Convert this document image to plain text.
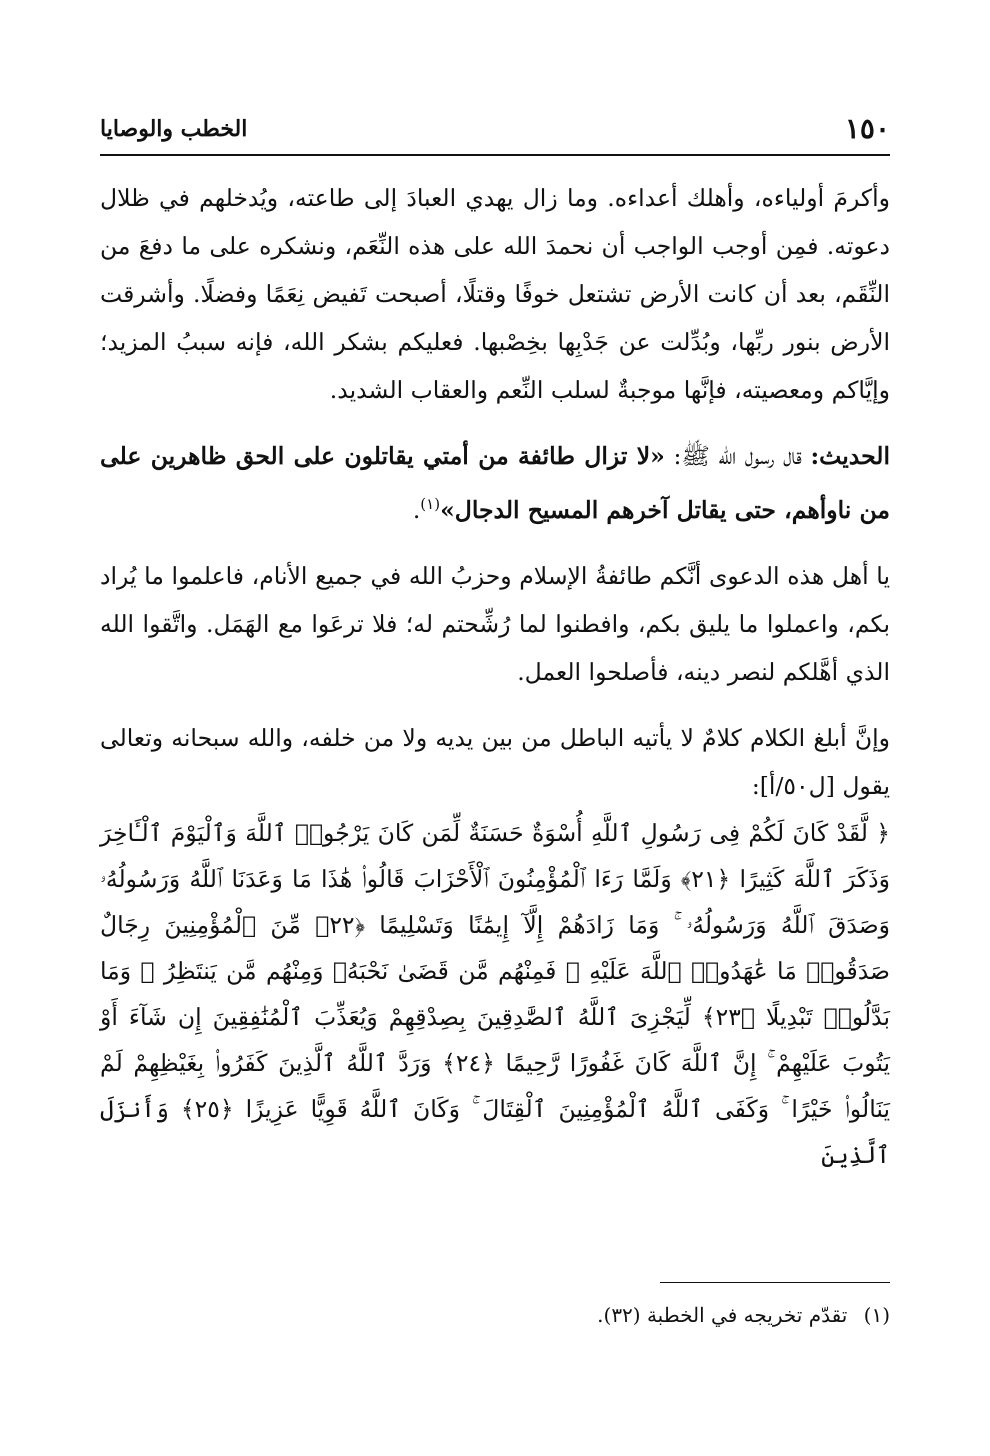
١٥٠
الخطب والوصايا

وأكرمَ أولياءه، وأهلك أعداءه. وما زال يهدي العبادَ إلى طاعته، ويُدخلهم في ظلال دعوته. فمِن أوجب الواجب أن نحمدَ الله على هذه النِّعَم، ونشكره على ما دفعَ من النِّقَم، بعد أن كانت الأرض تشتعل خوفًا وقتلًا، أصبحت تَفيض نِعَمًا وفضلًا. وأشرقت الأرض بنور ربِّها، وبُدِّلت عن جَدْبِها بخِصْبها. فعليكم بشكر الله، فإنه سببُ المزيد؛ وإيَّاكم ومعصيته، فإنَّها موجبةٌ لسلب النِّعم والعقاب الشديد.

الحديث: قال رسول الله ﷺ: «لا تزال طائفة من أمتي يقاتلون على الحق ظاهرين على من ناوأهم، حتى يقاتل آخرهم المسيح الدجال»$^{(١)}$.

يا أهل هذه الدعوى أنَّكم طائفةُ الإسلام وحزبُ الله في جميع الأنام، فاعلموا ما يُراد بكم، واعملوا ما يليق بكم، وافطنوا لما رُشِّحتم له؛ فلا ترعَوا مع الهَمَل. واتَّقوا الله الذي أهَّلكم لنصر دينه، فأصلحوا العمل.

وإنَّ أبلغ الكلام كلامٌ لا يأتيه الباطل من بين يديه ولا من خلفه، والله سبحانه وتعالى يقول [ل٥٠/أ]:

﴿ لَّقَدْ كَانَ لَكُمْ فِى رَسُولِ ٱللَّهِ أُسْوَةٌ حَسَنَةٌ لِّمَن كَانَ يَرْجُوا۟ ٱللَّهَ وَٱلْيَوْمَ ٱلْـَٔاخِرَ وَذَكَرَ ٱللَّهَ كَثِيرًا ﴿٢١﴾ وَلَمَّا رَءَا ٱلْمُؤْمِنُونَ ٱلْأَحْزَابَ قَالُوا۟ هَٰذَا مَا وَعَدَنَا ٱللَّهُ وَرَسُولُهُۥ وَصَدَقَ ٱللَّهُ وَرَسُولُهُۥ ۚ وَمَا زَادَهُمْ إِلَّآ إِيمَٰنًا وَتَسْلِيمًا ﴿٢٢﴾ مِّنَ ٱلْمُؤْمِنِينَ رِجَالٌ صَدَقُوا۟ مَا عَٰهَدُوا۟ ٱللَّهَ عَلَيْهِ ۖ فَمِنْهُم مَّن قَضَىٰ نَحْبَهُۥ وَمِنْهُم مَّن يَنتَظِرُ ۖ وَمَا بَدَّلُوا۟ تَبْدِيلًا ﴿٢٣﴾ لِّيَجْزِىَ ٱللَّهُ ٱلصَّٰدِقِينَ بِصِدْقِهِمْ وَيُعَذِّبَ ٱلْمُنَٰفِقِينَ إِن شَآءَ أَوْ يَتُوبَ عَلَيْهِمْ ۚ إِنَّ ٱللَّهَ كَانَ غَفُورًا رَّحِيمًا ﴿٢٤﴾ وَرَدَّ ٱللَّهُ ٱلَّذِينَ كَفَرُوا۟ بِغَيْظِهِمْ لَمْ يَنَالُوا۟ خَيْرًا ۚ وَكَفَى ٱللَّهُ ٱلْمُؤْمِنِينَ ٱلْقِتَالَ ۚ وَكَانَ ٱللَّهُ قَوِيًّا عَزِيزًا ﴿٢٥﴾ وَأَنزَلَ ٱلَّذِينَ

(١) تقدّم تخريجه في الخطبة (٣٢).
